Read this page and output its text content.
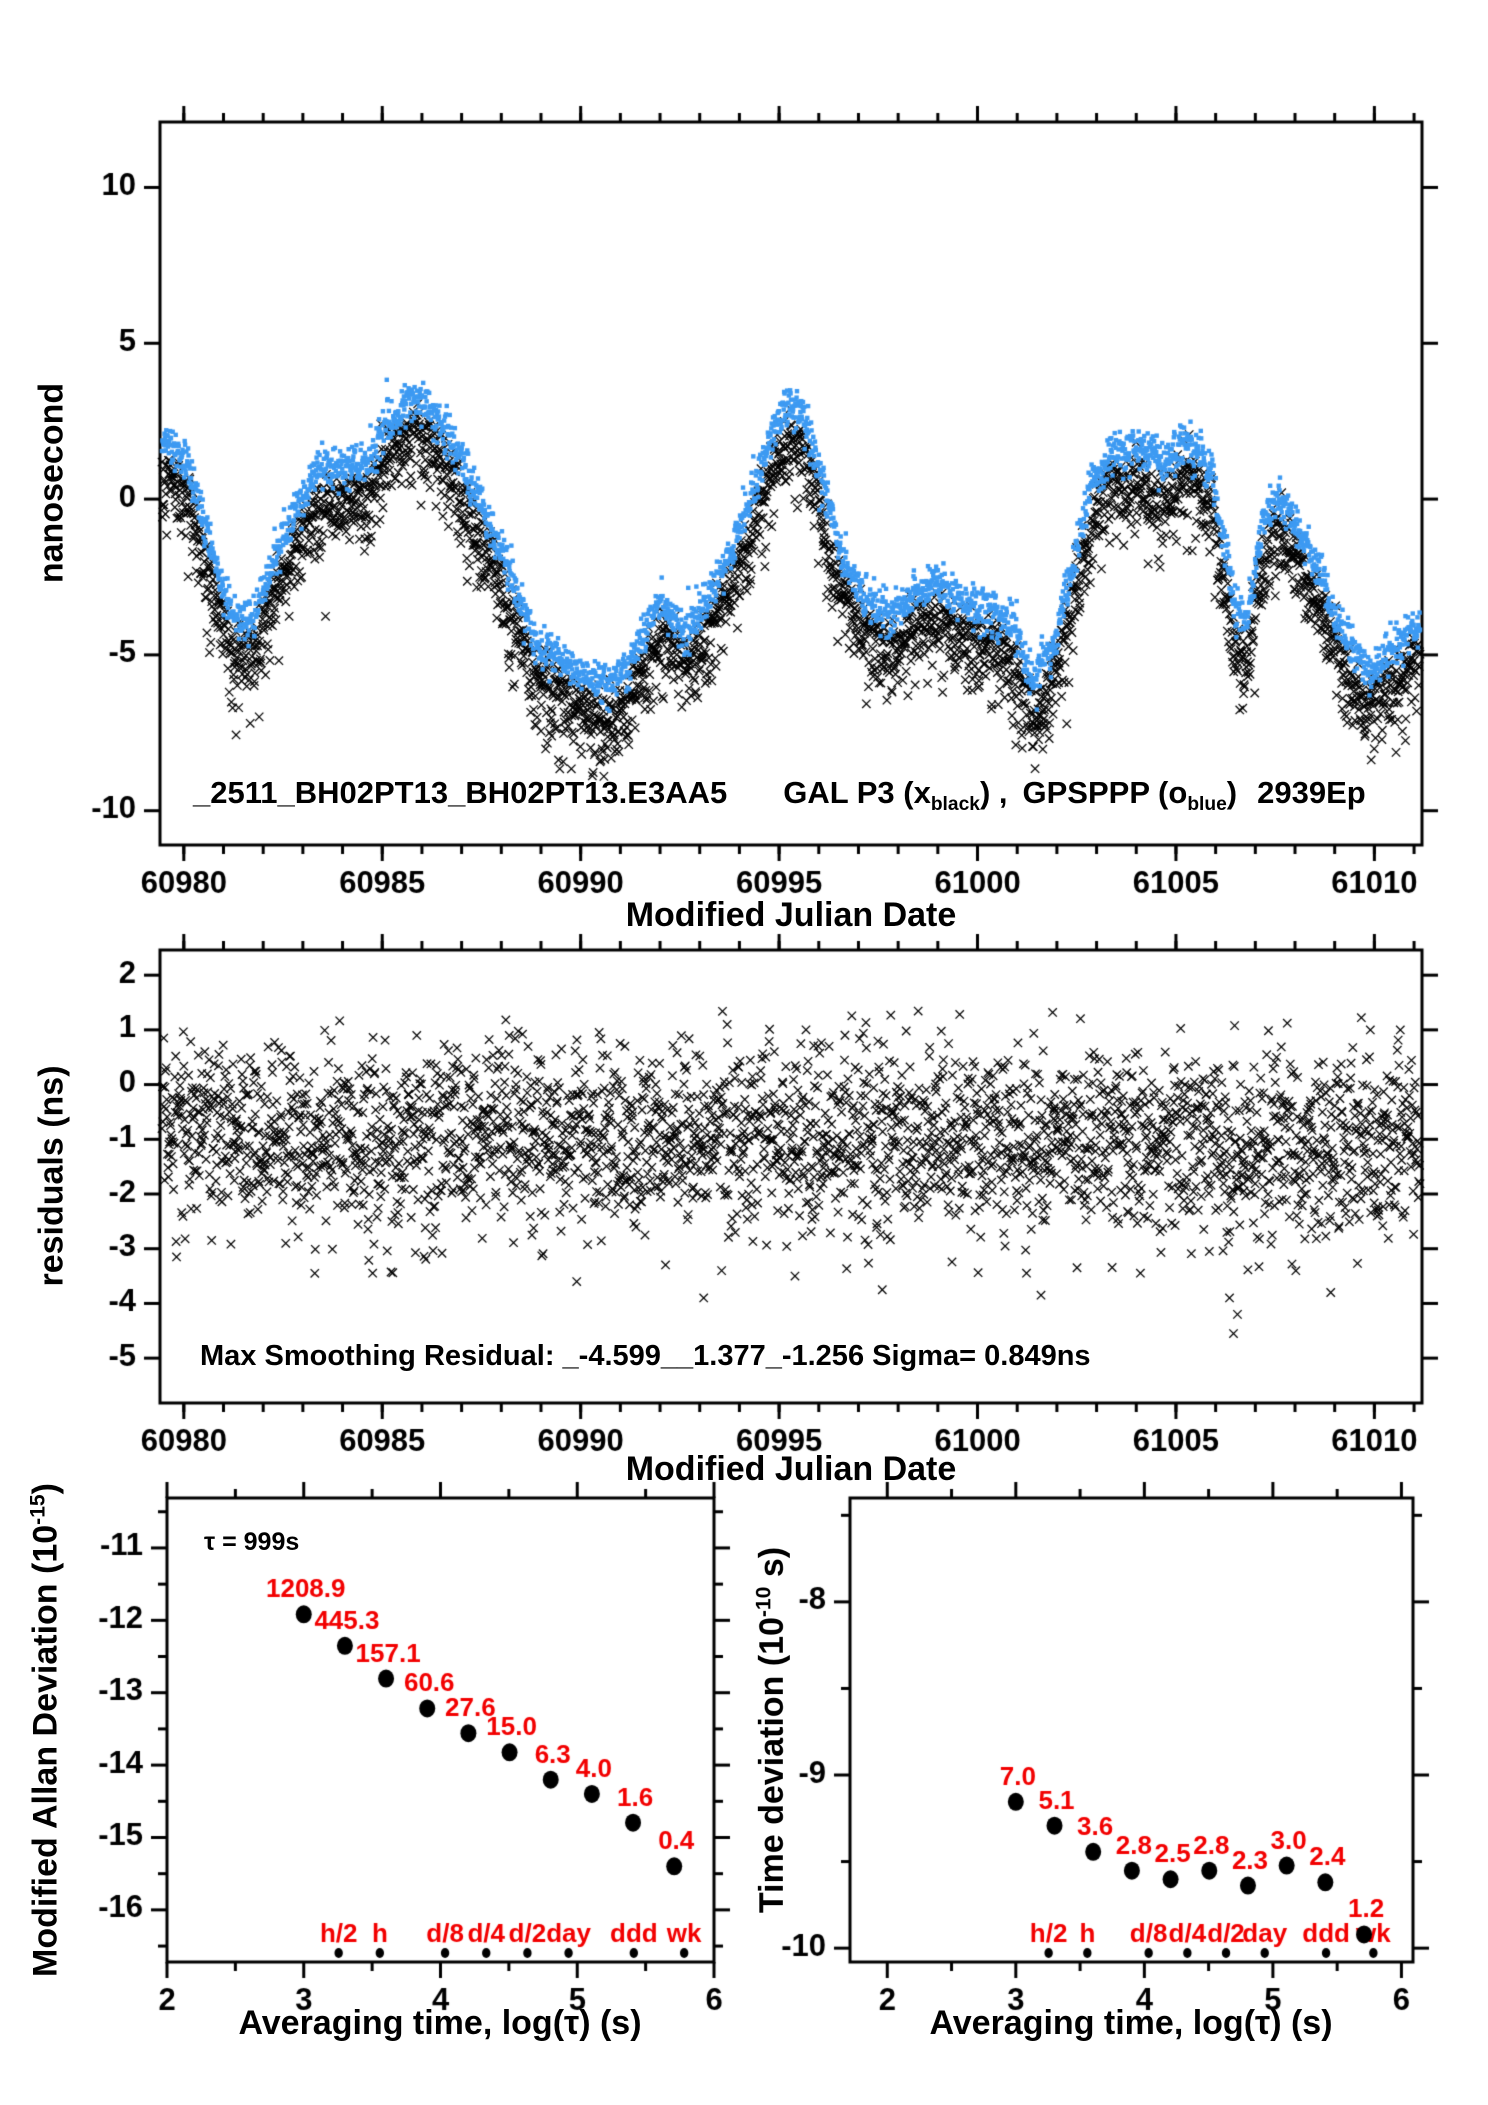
nanosecond
_2511_BH02PT13_BH02PT13.E3AA5 GAL P3 $(x_{black})$ , GPSPPP $(o_{blue})$ 2939Ep
Modified Julian Date
residuals (ns)
Max Smoothing Residual: _-4.599__1.377_-1.256 Sigma= 0.849ns
Modified Julian Date
Modified Allan Deviation $(10^{-15})$
τ = 999s
Averaging time, log(τ) (s)
Time deviation ($10^{-10}$ s)
Averaging time, log(τ) (s)
